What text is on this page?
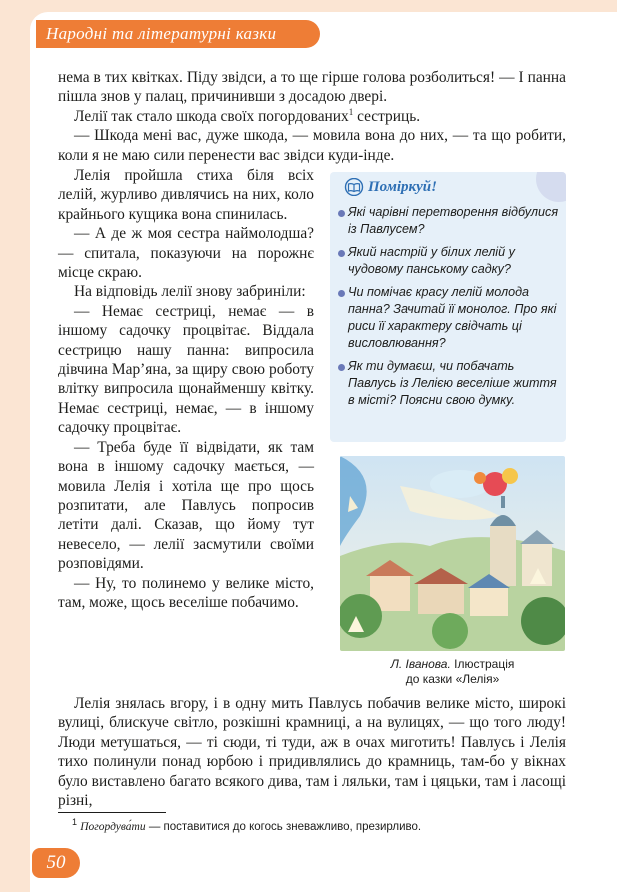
Народні та літературні казки

нема в тих квітках. Піду звідси, а то ще гірше голова розболиться! — І панна пішла знов у палац, причинивши з досадою двері.

Лелії так стало шкода своїх погордованих$^1$ сестриць.

— Шкода мені вас, дуже шкода, — мовила вона до них, — та що робити, коли я не маю сили перенести вас звідси куди-інде.

Лелія пройшла стиха біля всіх лелій, журливо дивлячись на них, коло крайнього кущика вона спинилась.

— А де ж моя сестра наймолодша? — спитала, показуючи на порожнє місце скраю.

На відповідь лелії знову забриніли:

— Немає сестриці, немає — в іншому садочку процвітає. Віддала сестрицю нашу панна: випросила дівчина Мар’яна, за щиру свою роботу влітку випросила щонайменшу квітку. Немає сестриці, немає, — в іншому садочку процвітає.

— Треба буде її відвідати, як там вона в іншому садочку мається, — мовила Лелія і хотіла ще про щось розпитати, але Павлусь попросив летіти далі. Сказав, що йому тут невесело, — лелії засмутили своїми розповідями.

— Ну, то полинемо у велике місто, там, може, щось веселіше побачимо.

Поміркуй!
Які чарівні перетворення відбулися із Павлусем?
Який настрій у білих лелій у чудовому панському садку?
Чи помічає красу лелій молода панна? Зачитай її монолог. Про які риси її характеру свідчать ці висловлювання?
Як ти думаєш, чи побачать Павлусь із Лелією веселіше життя в місті? Поясни свою думку.
Л. Іванова. Ілюстрація
до казки «Лелія»

Лелія знялась вгору, і в одну мить Павлусь побачив велике місто, широкі вулиці, блискуче світло, розкішні крамниці, а на вулицях, — що того люду! Люди метушаться, — ті сюди, ті туди, аж в очах миготить! Павлусь і Лелія тихо полинули понад юрбою і придивлялись до крамниць, там-бо у вікнах було виставлено багато всякого дива, там і ляльки, там і цяцьки, там і ласощі різні,

$^1$ Погордува́ти — поставитися до когось зневажливо, презирливо.
50
